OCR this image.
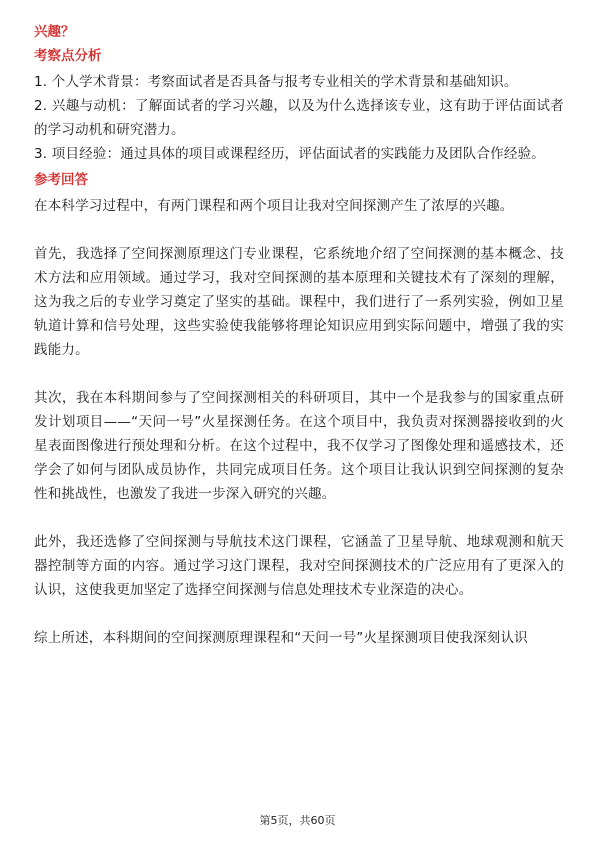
兴趣？

考察点分析

1. 个人学术背景：考察面试者是否具备与报考专业相关的学术背景和基础知识。

2. 兴趣与动机：了解面试者的学习兴趣，以及为什么选择该专业，这有助于评估面试者的学习动机和研究潜力。

3. 项目经验：通过具体的项目或课程经历，评估面试者的实践能力及团队合作经验。

参考回答

在本科学习过程中，有两门课程和两个项目让我对空间探测产生了浓厚的兴趣。

首先，我选择了空间探测原理这门专业课程，它系统地介绍了空间探测的基本概念、技术方法和应用领域。通过学习，我对空间探测的基本原理和关键技术有了深刻的理解，这为我之后的专业学习奠定了坚实的基础。课程中，我们进行了一系列实验，例如卫星轨道计算和信号处理，这些实验使我能够将理论知识应用到实际问题中，增强了我的实践能力。

其次，我在本科期间参与了空间探测相关的科研项目，其中一个是我参与的国家重点研发计划项目——“天问一号”火星探测任务。在这个项目中，我负责对探测器接收到的火星表面图像进行预处理和分析。在这个过程中，我不仅学习了图像处理和遥感技术，还学会了如何与团队成员协作，共同完成项目任务。这个项目让我认识到空间探测的复杂性和挑战性，也激发了我进一步深入研究的兴趣。

此外，我还选修了空间探测与导航技术这门课程，它涵盖了卫星导航、地球观测和航天器控制等方面的内容。通过学习这门课程，我对空间探测技术的广泛应用有了更深入的认识，这使我更加坚定了选择空间探测与信息处理技术专业深造的决心。

综上所述，本科期间的空间探测原理课程和“天问一号”火星探测项目使我深刻认识

第5页，共60页
